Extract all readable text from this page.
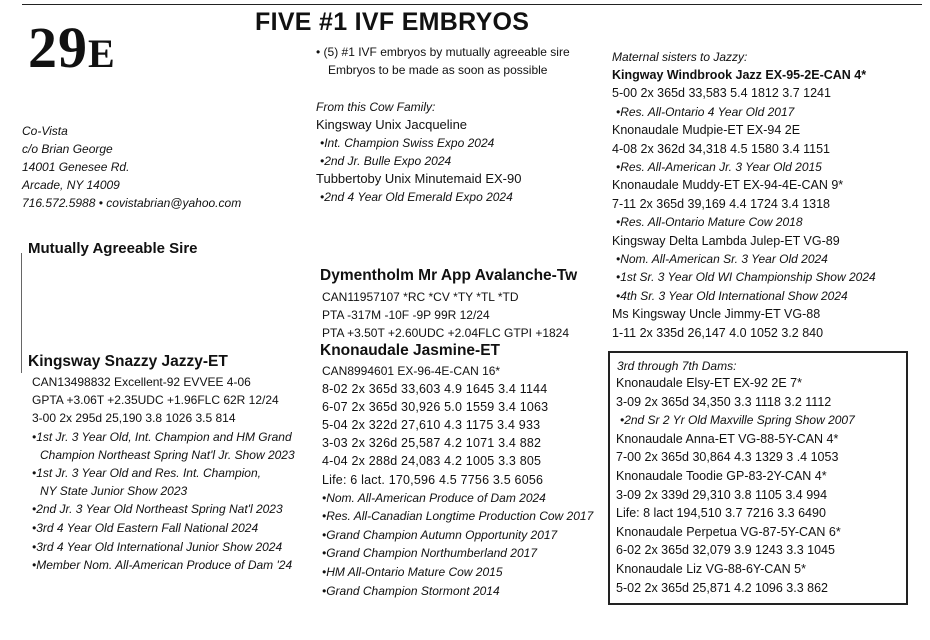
29E
FIVE #1 IVF EMBRYOS
• (5) #1 IVF embryos by mutually agreeable sire
Embryos to be made as soon as possible
Co-Vista
c/o Brian George
14001 Genesee Rd.
Arcade, NY 14009
716.572.5988 • covistabrian@yahoo.com
Mutually Agreeable Sire
From this Cow Family:
Kingsway Unix Jacqueline
•Int. Champion Swiss Expo 2024
•2nd Jr. Bulle Expo 2024
Tubbertoby Unix Minutemaid EX-90
•2nd 4 Year Old Emerald Expo 2024
Dymentholm Mr App Avalanche-Tw
CAN11957107 *RC *CV *TY *TL *TD
PTA -317M -10F -9P 99R 12/24
PTA +3.50T +2.60UDC +2.04FLC GTPI +1824
Knonaudale Jasmine-ET
CAN8994601 EX-96-4E-CAN 16*
8-02 2x 365d 33,603 4.9 1645 3.4 1144
6-07 2x 365d 30,926 5.0 1559 3.4 1063
5-04 2x 322d 27,610 4.3 1175 3.4 933
3-03 2x 326d 25,587 4.2 1071 3.4 882
4-04 2x 288d 24,083 4.2 1005 3.3 805
Life: 6 lact. 170,596 4.5 7756 3.5 6056
•Nom. All-American Produce of Dam 2024
•Res. All-Canadian Longtime Production Cow 2017
•Grand Champion Autumn Opportunity 2017
•Grand Champion Northumberland 2017
•HM All-Ontario Mature Cow 2015
•Grand Champion Stormont 2014
Kingsway Snazzy Jazzy-ET
CAN13498832 Excellent-92 EVVEE 4-06
GPTA +3.06T +2.35UDC +1.96FLC 62R 12/24
3-00 2x 295d 25,190 3.8 1026 3.5 814
•1st Jr. 3 Year Old, Int. Champion and HM Grand
Champion Northeast Spring Nat'l Jr. Show 2023
•1st Jr. 3 Year Old and Res. Int. Champion,
NY State Junior Show 2023
•2nd Jr. 3 Year Old Northeast Spring Nat'l 2023
•3rd 4 Year Old Eastern Fall National 2024
•3rd 4 Year Old International Junior Show 2024
•Member Nom. All-American Produce of Dam '24
Maternal sisters to Jazzy:
Kingway Windbrook Jazz EX-95-2E-CAN 4*
5-00 2x 365d 33,583 5.4 1812 3.7 1241
•Res. All-Ontario 4 Year Old 2017
Knonaudale Mudpie-ET EX-94 2E
4-08 2x 362d 34,318 4.5 1580 3.4 1151
•Res. All-American Jr. 3 Year Old 2015
Knonaudale Muddy-ET EX-94-4E-CAN 9*
7-11 2x 365d 39,169 4.4 1724 3.4 1318
•Res. All-Ontario Mature Cow 2018
Kingsway Delta Lambda Julep-ET VG-89
•Nom. All-American Sr. 3 Year Old 2024
•1st Sr. 3 Year Old WI Championship Show 2024
•4th Sr. 3 Year Old International Show 2024
Ms Kingsway Uncle Jimmy-ET VG-88
1-11 2x 335d 26,147 4.0 1052 3.2 840
3rd through 7th Dams:
Knonaudale Elsy-ET EX-92 2E 7*
3-09 2x 365d 34,350 3.3 1118 3.2 1112
•2nd Sr 2 Yr Old Maxville Spring Show 2007
Knonaudale Anna-ET VG-88-5Y-CAN 4*
7-00 2x 365d 30,864 4.3 1329 3 .4 1053
Knonaudale Toodie GP-83-2Y-CAN 4*
3-09 2x 339d 29,310 3.8 1105 3.4 994
Life: 8 lact 194,510 3.7 7216 3.3 6490
Knonaudale Perpetua VG-87-5Y-CAN 6*
6-02 2x 365d 32,079 3.9 1243 3.3 1045
Knonaudale Liz VG-88-6Y-CAN 5*
5-02 2x 365d 25,871 4.2 1096 3.3 862
